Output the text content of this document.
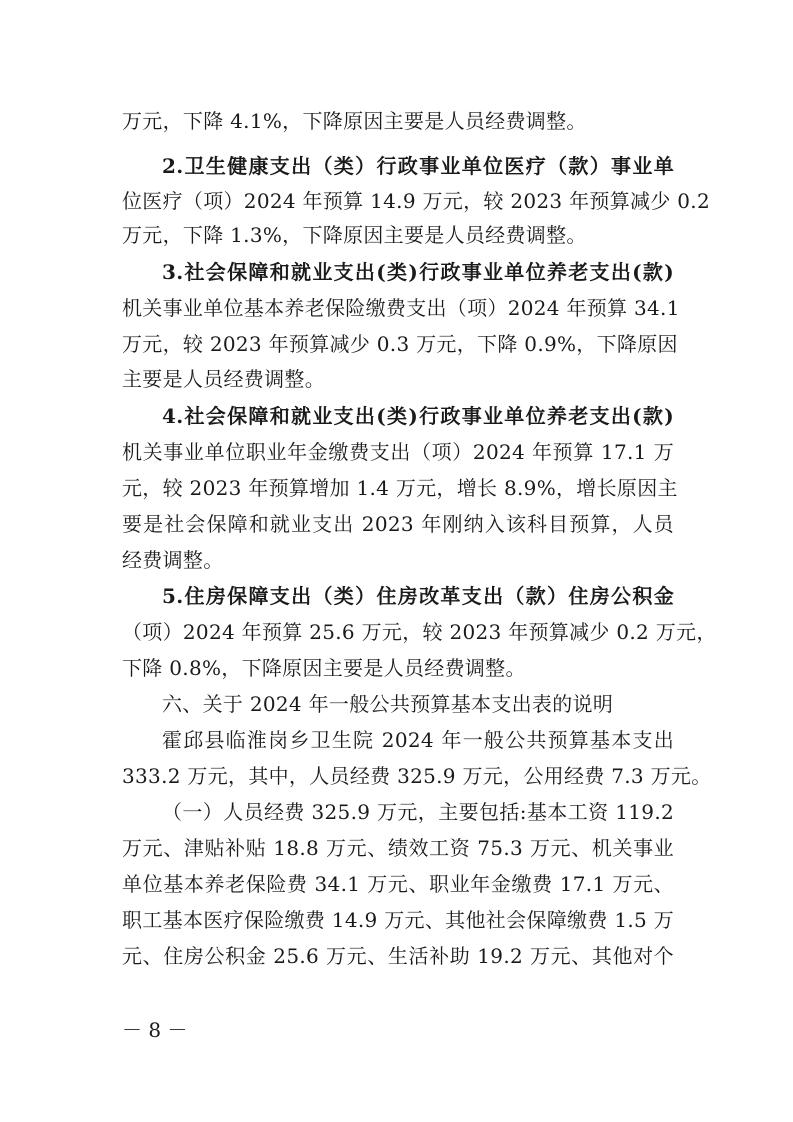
万元，下降 4.1%，下降原因主要是人员经费调整。
2.卫生健康支出（类）行政事业单位医疗（款）事业单
位医疗（项）2024 年预算 14.9 万元，较 2023 年预算减少 0.2
万元，下降 1.3%，下降原因主要是人员经费调整。
3.社会保障和就业支出(类)行政事业单位养老支出(款)
机关事业单位基本养老保险缴费支出（项）2024 年预算 34.1
万元，较 2023 年预算减少 0.3 万元，下降 0.9%，下降原因
主要是人员经费调整。
4.社会保障和就业支出(类)行政事业单位养老支出(款)
机关事业单位职业年金缴费支出（项）2024 年预算 17.1 万
元，较 2023 年预算增加 1.4 万元，增长 8.9%，增长原因主
要是社会保障和就业支出 2023 年刚纳入该科目预算，人员
经费调整。
5.住房保障支出（类）住房改革支出（款）住房公积金
（项）2024 年预算 25.6 万元，较 2023 年预算减少 0.2 万元，
下降 0.8%，下降原因主要是人员经费调整。
六、关于 2024 年一般公共预算基本支出表的说明
霍邱县临淮岗乡卫生院 2024 年一般公共预算基本支出
333.2 万元，其中，人员经费 325.9 万元，公用经费 7.3 万元。
（一）人员经费 325.9 万元，主要包括:基本工资 119.2
万元、津贴补贴 18.8 万元、绩效工资 75.3 万元、机关事业
单位基本养老保险费 34.1 万元、职业年金缴费 17.1 万元、
职工基本医疗保险缴费 14.9 万元、其他社会保障缴费 1.5 万
元、住房公积金 25.6 万元、生活补助 19.2 万元、其他对个
－ 8 －
